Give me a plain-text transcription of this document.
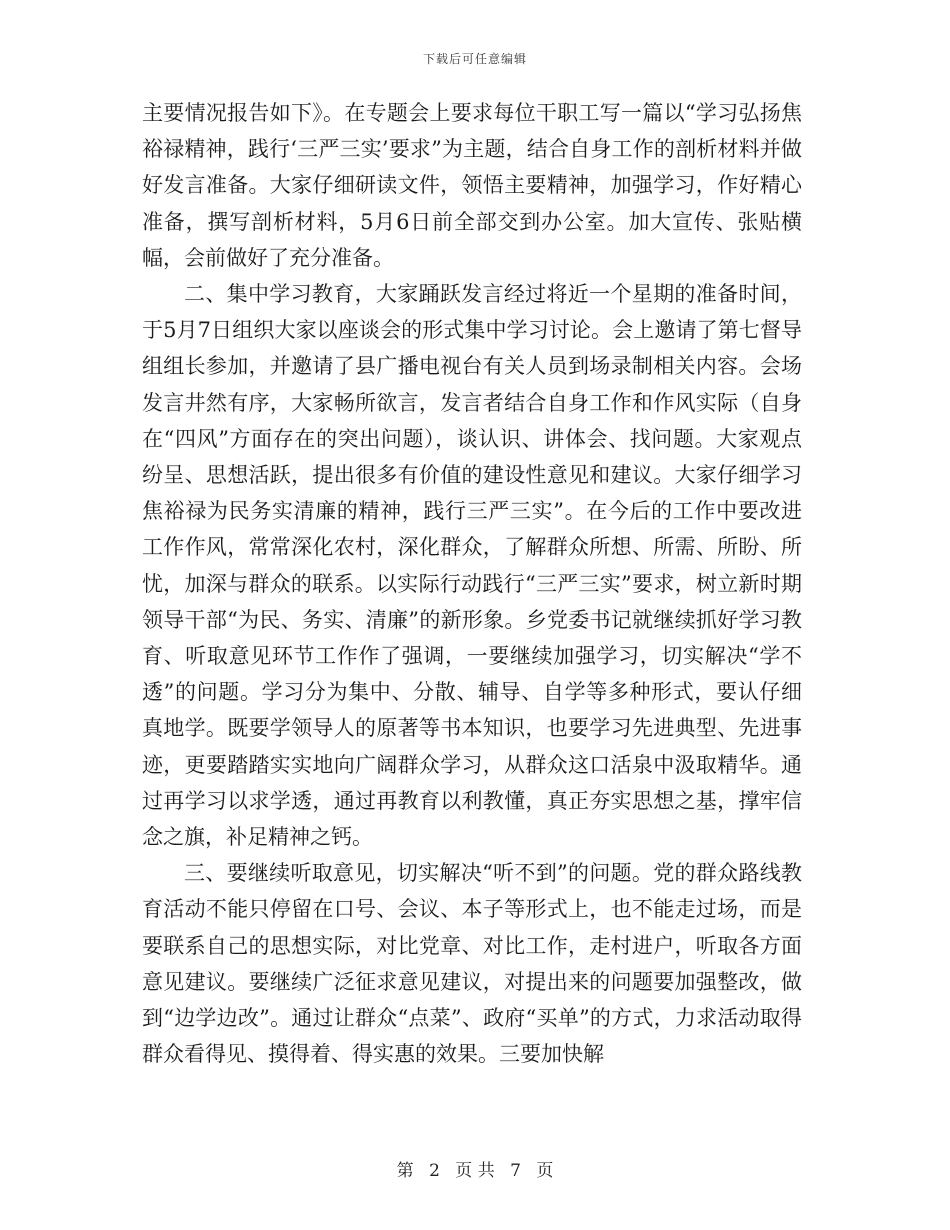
下载后可任意编辑

主要情况报告如下》。在专题会上要求每位干职工写一篇以“学习弘扬焦裕禄精神，践行‘三严三实’要求”为主题，结合自身工作的剖析材料并做好发言准备。大家仔细研读文件，领悟主要精神，加强学习，作好精心准备，撰写剖析材料，5月6日前全部交到办公室。加大宣传、张贴横幅，会前做好了充分准备。

二、集中学习教育，大家踊跃发言经过将近一个星期的准备时间，于5月7日组织大家以座谈会的形式集中学习讨论。会上邀请了第七督导组组长参加，并邀请了县广播电视台有关人员到场录制相关内容。会场发言井然有序，大家畅所欲言，发言者结合自身工作和作风实际（自身在“四风”方面存在的突出问题），谈认识、讲体会、找问题。大家观点纷呈、思想活跃，提出很多有价值的建设性意见和建议。大家仔细学习焦裕禄为民务实清廉的精神，践行三严三实”。在今后的工作中要改进工作作风，常常深化农村，深化群众，了解群众所想、所需、所盼、所忧，加深与群众的联系。以实际行动践行“三严三实”要求，树立新时期领导干部“为民、务实、清廉”的新形象。乡党委书记就继续抓好学习教育、听取意见环节工作作了强调，一要继续加强学习，切实解决“学不透”的问题。学习分为集中、分散、辅导、自学等多种形式，要认仔细真地学。既要学领导人的原著等书本知识，也要学习先进典型、先进事迹，更要踏踏实实地向广阔群众学习，从群众这口活泉中汲取精华。通过再学习以求学透，通过再教育以利教懂，真正夯实思想之基，撑牢信念之旗，补足精神之钙。

三、要继续听取意见，切实解决“听不到”的问题。党的群众路线教育活动不能只停留在口号、会议、本子等形式上，也不能走过场，而是要联系自己的思想实际，对比党章、对比工作，走村进户，听取各方面意见建议。要继续广泛征求意见建议，对提出来的问题要加强整改，做到“边学边改”。通过让群众“点菜”、政府“买单”的方式，力求活动取得群众看得见、摸得着、得实惠的效果。三要加快解

第 2 页 共 7 页
